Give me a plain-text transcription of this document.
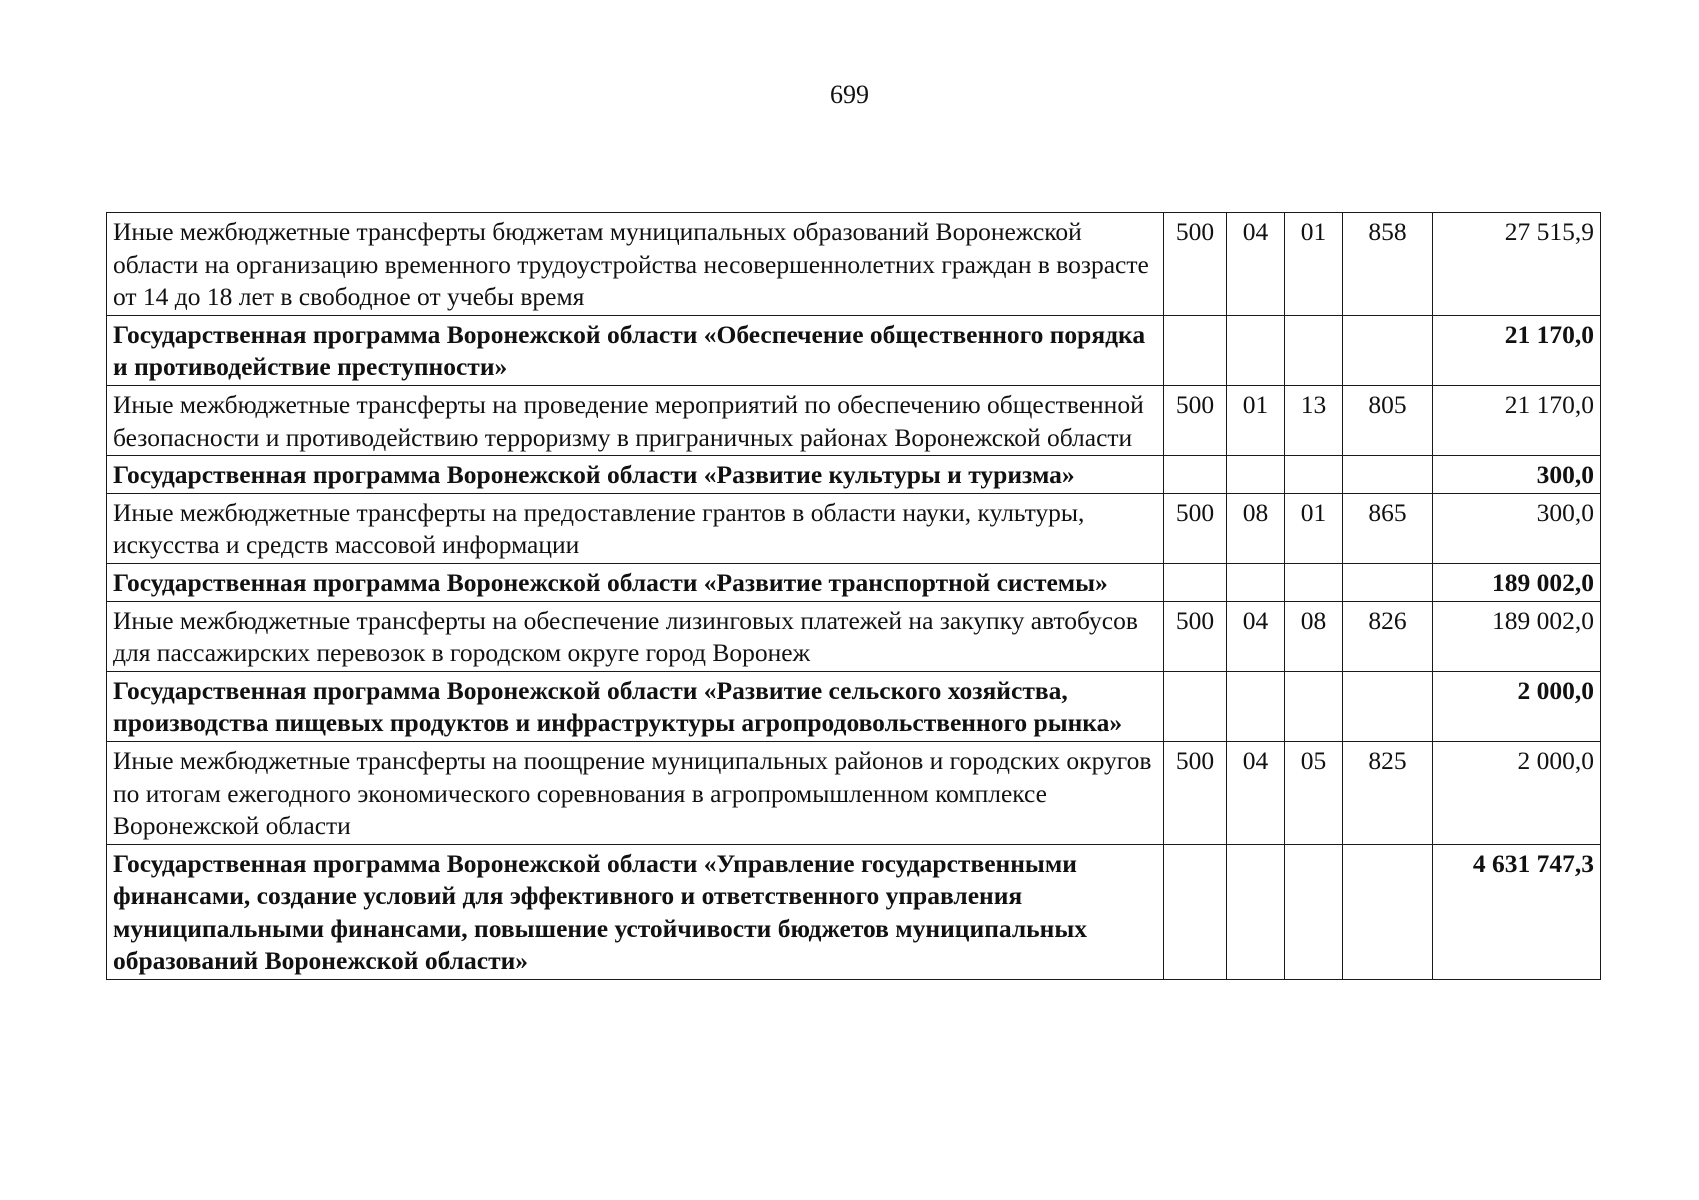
699
Иные межбюджетные трансферты бюджетам муниципальных образований Воронежской области на организацию временного трудоустройства несовершеннолетних граждан в возрасте от 14 до 18 лет в свободное от учебы время	500	04	01	858	27 515,9
Государственная программа Воронежской области «Обеспечение общественного порядка и противодействие преступности»					21 170,0
Иные межбюджетные трансферты на проведение мероприятий по обеспечению общественной безопасности и противодействию терроризму в приграничных районах Воронежской области	500	01	13	805	21 170,0
Государственная программа Воронежской области «Развитие культуры и туризма»					300,0
Иные межбюджетные трансферты на предоставление грантов в области науки, культуры, искусства и средств массовой информации	500	08	01	865	300,0
Государственная программа Воронежской области «Развитие транспортной системы»					189 002,0
Иные межбюджетные трансферты на обеспечение лизинговых платежей на закупку автобусов для пассажирских перевозок в городском округе город Воронеж	500	04	08	826	189 002,0
Государственная программа Воронежской области «Развитие сельского хозяйства, производства пищевых продуктов и инфраструктуры агропродовольственного рынка»					2 000,0
Иные межбюджетные трансферты на поощрение муниципальных районов и городских округов по итогам ежегодного экономического соревнования в агропромышленном комплексе Воронежской области	500	04	05	825	2 000,0
Государственная программа Воронежской области «Управление государственными финансами, создание условий для эффективного и ответственного управления муниципальными финансами, повышение устойчивости бюджетов муниципальных образований Воронежской области»					4 631 747,3
